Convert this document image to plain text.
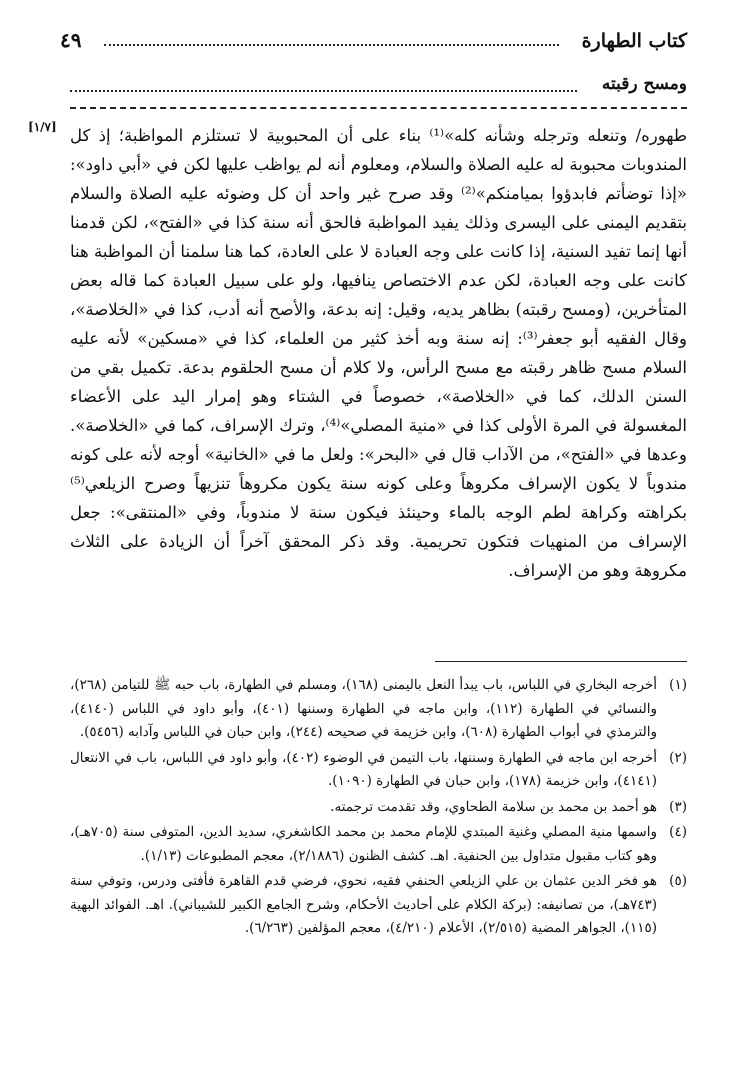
كتاب الطهارة
٤٩
ومسح رقبته
[١/٧] طهوره/ وتنعله وترجله وشأنه كله»⁽¹⁾ بناء على أن المحبوبية لا تستلزم المواظبة؛ إذ كل المندوبات محبوبة له عليه الصلاة والسلام، ومعلوم أنه لم يواظب عليها لكن في «أبي داود»: «إذا توضأتم فابدؤوا بميامنكم»⁽²⁾ وقد صرح غير واحد أن كل وضوئه عليه الصلاة والسلام بتقديم اليمنى على اليسرى وذلك يفيد المواظبة فالحق أنه سنة كذا في «الفتح»، لكن قدمنا أنها إنما تفيد السنية، إذا كانت على وجه العبادة لا على العادة، كما هنا سلمنا أن المواظبة هنا كانت على وجه العبادة، لكن عدم الاختصاص ينافيها، ولو على سبيل العبادة كما قاله بعض المتأخرين، (ومسح رقبته) بظاهر يديه، وقيل: إنه بدعة، والأصح أنه أدب، كذا في «الخلاصة»، وقال الفقيه أبو جعفر⁽³⁾: إنه سنة وبه أخذ كثير من العلماء، كذا في «مسكين» لأنه عليه السلام مسح ظاهر رقبته مع مسح الرأس، ولا كلام أن مسح الحلقوم بدعة. تكميل بقي من السنن الدلك، كما في «الخلاصة»، خصوصاً في الشتاء وهو إمرار اليد على الأعضاء المغسولة في المرة الأولى كذا في «منية المصلي»⁽⁴⁾، وترك الإسراف، كما في «الخلاصة». وعدها في «الفتح»، من الآداب قال في «البحر»: ولعل ما في «الخانية» أوجه لأنه على كونه مندوباً لا يكون الإسراف مكروهاً وعلى كونه سنة يكون مكروهاً تنزيهاً وصرح الزيلعي⁽⁵⁾ بكراهته وكراهة لطم الوجه بالماء وحينئذ فيكون سنة لا مندوباً، وفي «المنتقى»: جعل الإسراف من المنهيات فتكون تحريمية. وقد ذكر المحقق آخراً أن الزيادة على الثلاث مكروهة وهو من الإسراف.

(١)
أخرجه البخاري في اللباس، باب يبدأ النعل باليمنى (١٦٨)، ومسلم في الطهارة، باب حبه ﷺ للتيامن (٢٦٨)، والنسائي في الطهارة (١١٢)، وابن ماجه في الطهارة وسننها (٤٠١)، وأبو داود في اللباس (٤١٤٠)، والترمذي في أبواب الطهارة (٦٠٨)، وابن خزيمة في صحيحه (٢٤٤)، وابن حبان في اللباس وآدابه (٥٤٥٦).
(٢)
أخرجه ابن ماجه في الطهارة وسننها، باب التيمن في الوضوء (٤٠٢)، وأبو داود في اللباس، باب في الانتعال (٤١٤١)، وابن خزيمة (١٧٨)، وابن حبان في الطهارة (١٠٩٠).
(٣)
هو أحمد بن محمد بن سلامة الطحاوي، وقد تقدمت ترجمته.
(٤)
واسمها منية المصلي وغنية المبتدي للإمام محمد بن محمد الكاشغري، سديد الدين، المتوفى سنة (٧٠٥هـ)، وهو كتاب مقبول متداول بين الحنفية. اهـ. كشف الظنون (٢/١٨٨٦)، معجم المطبوعات (١/١٣).
(٥)
هو فخر الدين عثمان بن علي الزيلعي الحنفي فقيه، نحوي، فرضي قدم القاهرة فأفتى ودرس، وتوفي سنة (٧٤٣هـ)، من تصانيفه: (بركة الكلام على أحاديث الأحكام، وشرح الجامع الكبير للشيباني). اهـ. الفوائد البهية (١١٥)، الجواهر المضية (٢/٥١٥)، الأعلام (٤/٢١٠)، معجم المؤلفين (٦/٢٦٣).
